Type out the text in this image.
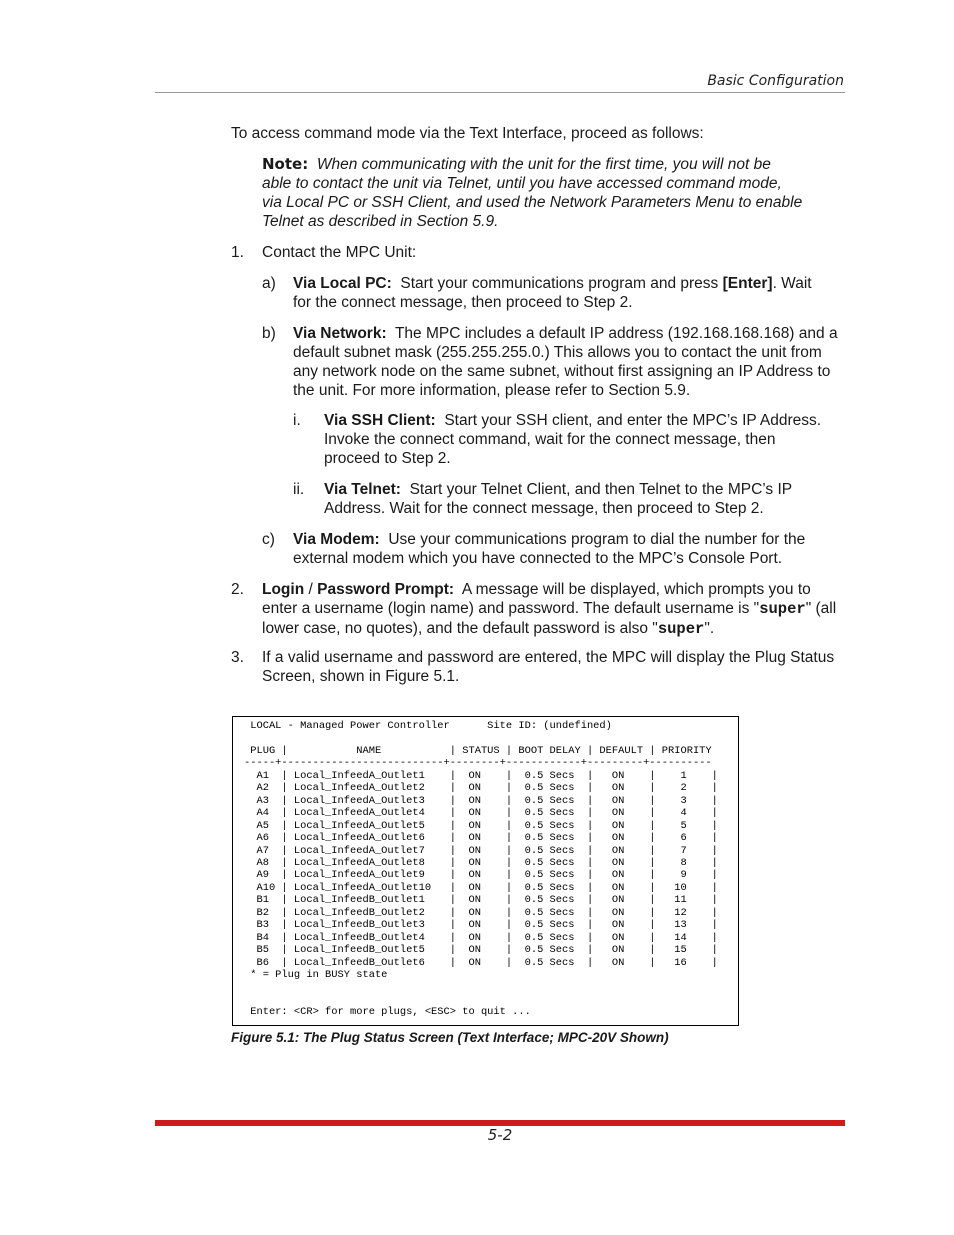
Basic Configuration
To access command mode via the Text Interface, proceed as follows:
Note: When communicating with the unit for the first time, you will not be
able to contact the unit via Telnet, until you have accessed command mode,
via Local PC or SSH Client, and used the Network Parameters Menu to enable
Telnet as described in Section 5.9.
1. Contact the MPC Unit:
a) Via Local PC: Start your communications program and press [Enter]. Wait
for the connect message, then proceed to Step 2.
b) Via Network: The MPC includes a default IP address (192.168.168.168) and a
default subnet mask (255.255.255.0.) This allows you to contact the unit from
any network node on the same subnet, without first assigning an IP Address to
the unit. For more information, please refer to Section 5.9.
i. Via SSH Client: Start your SSH client, and enter the MPC’s IP Address.
Invoke the connect command, wait for the connect message, then
proceed to Step 2.
ii. Via Telnet: Start your Telnet Client, and then Telnet to the MPC’s IP
Address. Wait for the connect message, then proceed to Step 2.
c) Via Modem: Use your communications program to dial the number for the
external modem which you have connected to the MPC’s Console Port.
2. Login / Password Prompt: A message will be displayed, which prompts you to
enter a username (login name) and password. The default username is "super" (all
lower case, no quotes), and the default password is also "super".
3. If a valid username and password are entered, the MPC will display the Plug Status
Screen, shown in Figure 5.1.
LOCAL - Managed Power Controller      Site ID: (undefined)

PLUG |           NAME           | STATUS | BOOT DELAY | DEFAULT | PRIORITY
-----+--------------------------+--------+------------+---------+----------
A1  | Local_InfeedA_Outlet1    |  ON    |  0.5 Secs  |   ON    |    1    |
A2  | Local_InfeedA_Outlet2    |  ON    |  0.5 Secs  |   ON    |    2    |
A3  | Local_InfeedA_Outlet3    |  ON    |  0.5 Secs  |   ON    |    3    |
A4  | Local_InfeedA_Outlet4    |  ON    |  0.5 Secs  |   ON    |    4    |
A5  | Local_InfeedA_Outlet5    |  ON    |  0.5 Secs  |   ON    |    5    |
A6  | Local_InfeedA_Outlet6    |  ON    |  0.5 Secs  |   ON    |    6    |
A7  | Local_InfeedA_Outlet7    |  ON    |  0.5 Secs  |   ON    |    7    |
A8  | Local_InfeedA_Outlet8    |  ON    |  0.5 Secs  |   ON    |    8    |
A9  | Local_InfeedA_Outlet9    |  ON    |  0.5 Secs  |   ON    |    9    |
A10 | Local_InfeedA_Outlet10   |  ON    |  0.5 Secs  |   ON    |   10    |
B1  | Local_InfeedB_Outlet1    |  ON    |  0.5 Secs  |   ON    |   11    |
B2  | Local_InfeedB_Outlet2    |  ON    |  0.5 Secs  |   ON    |   12    |
B3  | Local_InfeedB_Outlet3    |  ON    |  0.5 Secs  |   ON    |   13    |
B4  | Local_InfeedB_Outlet4    |  ON    |  0.5 Secs  |   ON    |   14    |
B5  | Local_InfeedB_Outlet5    |  ON    |  0.5 Secs  |   ON    |   15    |
B6  | Local_InfeedB_Outlet6    |  ON    |  0.5 Secs  |   ON    |   16    |
* = Plug in BUSY state

Enter: <CR> for more plugs, <ESC> to quit ...
Figure 5.1: The Plug Status Screen (Text Interface; MPC-20V Shown)
5-2
